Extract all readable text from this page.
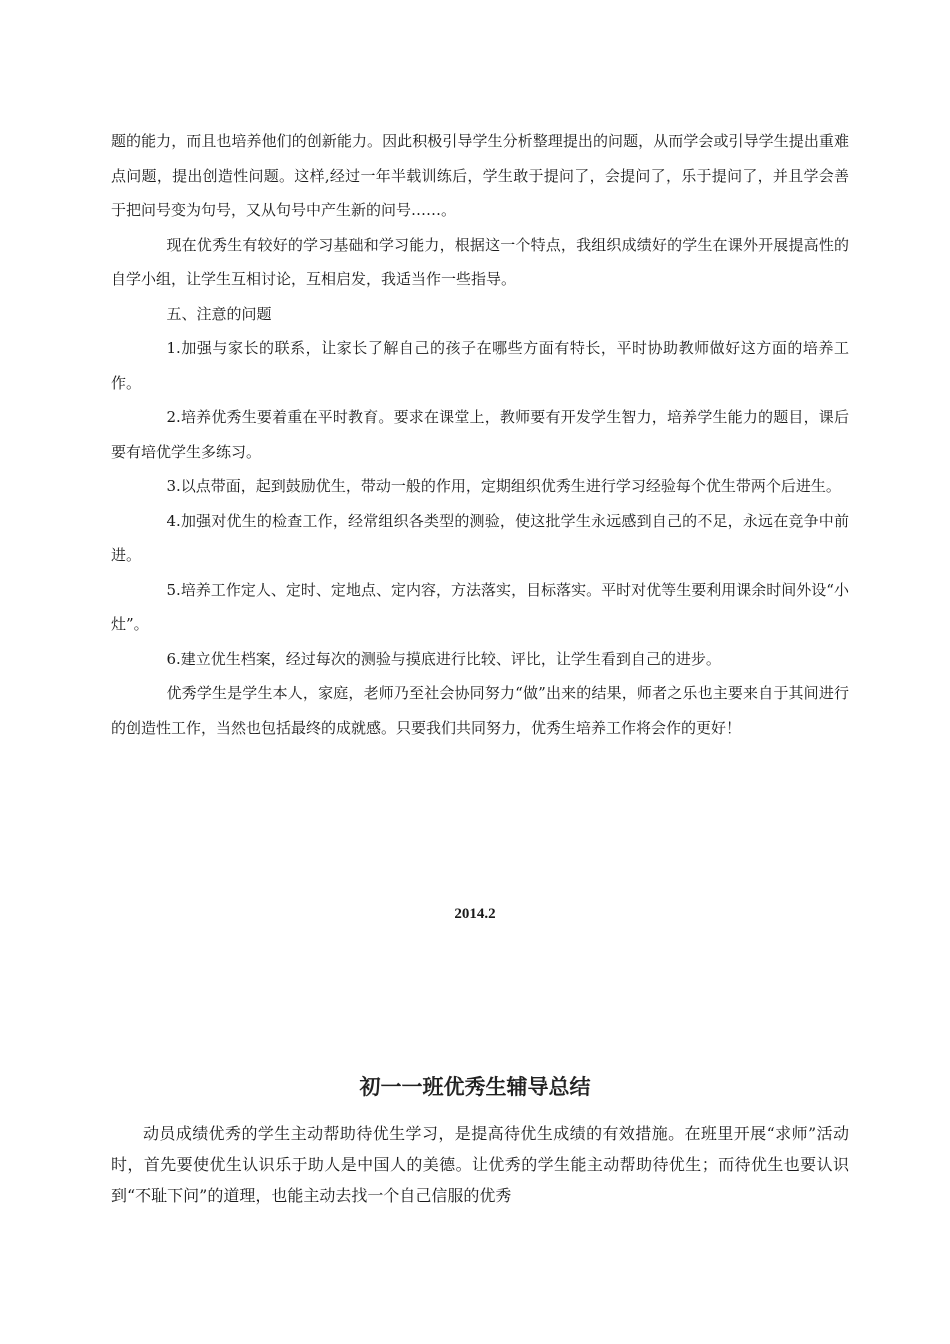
题的能力，而且也培养他们的创新能力。因此积极引导学生分析整理提出的问题，从而学会或引导学生提出重难点问题，提出创造性问题。这样,经过一年半载训练后，学生敢于提问了，会提问了，乐于提问了，并且学会善于把问号变为句号，又从句号中产生新的问号……。

现在优秀生有较好的学习基础和学习能力，根据这一个特点，我组织成绩好的学生在课外开展提高性的自学小组，让学生互相讨论，互相启发，我适当作一些指导。

五、注意的问题

1.加强与家长的联系，让家长了解自己的孩子在哪些方面有特长，平时协助教师做好这方面的培养工作。

2.培养优秀生要着重在平时教育。要求在课堂上，教师要有开发学生智力，培养学生能力的题目，课后要有培优学生多练习。

3.以点带面，起到鼓励优生，带动一般的作用，定期组织优秀生进行学习经验每个优生带两个后进生。

4.加强对优生的检查工作，经常组织各类型的测验，使这批学生永远感到自己的不足，永远在竞争中前进。

5.培养工作定人、定时、定地点、定内容，方法落实，目标落实。平时对优等生要利用课余时间外设“小灶”。

6.建立优生档案，经过每次的测验与摸底进行比较、评比，让学生看到自己的进步。

优秀学生是学生本人，家庭，老师乃至社会协同努力“做”出来的结果，师者之乐也主要来自于其间进行的创造性工作，当然也包括最终的成就感。只要我们共同努力，优秀生培养工作将会作的更好！

2014.2
初一一班优秀生辅导总结

动员成绩优秀的学生主动帮助待优生学习，是提高待优生成绩的有效措施。在班里开展“求师”活动时，首先要使优生认识乐于助人是中国人的美德。让优秀的学生能主动帮助待优生；而待优生也要认识到“不耻下问”的道理，也能主动去找一个自己信服的优秀
